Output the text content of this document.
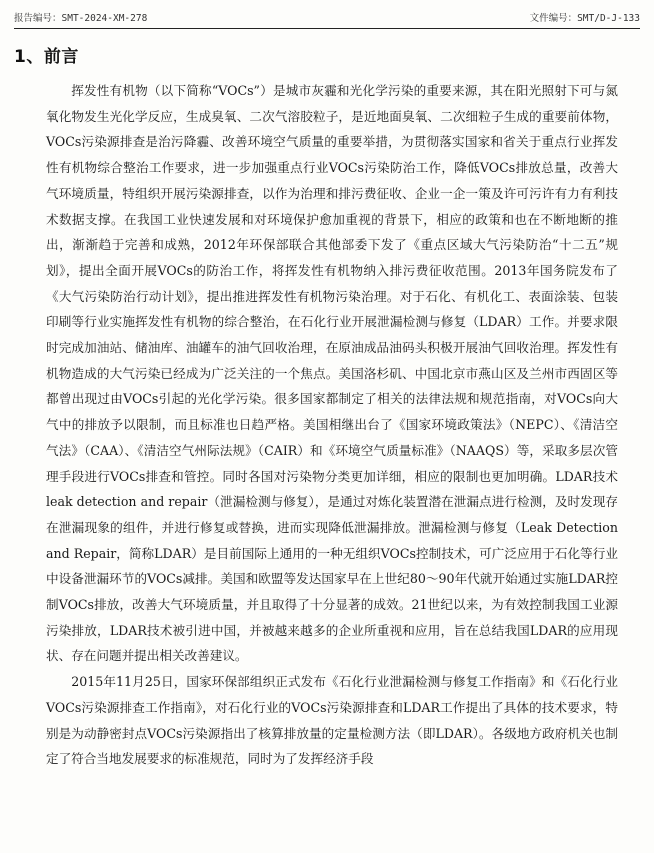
报告编号：SMT-2024-XM-278	文件编号：SMT/D-J-133
1、前言

挥发性有机物（以下简称“VOCs”）是城市灰霾和光化学污染的重要来源，其在阳光照射下可与氮氧化物发生光化学反应，生成臭氧、二次气溶胶粒子，是近地面臭氧、二次细粒子生成的重要前体物，VOCs污染源排查是治污降霾、改善环境空气质量的重要举措，为贯彻落实国家和省关于重点行业挥发性有机物综合整治工作要求，进一步加强重点行业VOCs污染防治工作，降低VOCs排放总量，改善大气环境质量，特组织开展污染源排查，以作为治理和排污费征收、企业一企一策及许可污许有力有利技术数据支撑。在我国工业快速发展和对环境保护愈加重视的背景下，相应的政策和也在不断地断的推出，渐渐趋于完善和成熟，2012年环保部联合其他部委下发了《重点区域大气污染防治“十二五”规划》，提出全面开展VOCs的防治工作，将挥发性有机物纳入排污费征收范围。2013年国务院发布了《大气污染防治行动计划》，提出推进挥发性有机物污染治理。对于石化、有机化工、表面涂装、包装印刷等行业实施挥发性有机物的综合整治，在石化行业开展泄漏检测与修复（LDAR）工作。并要求限时完成加油站、储油库、油罐车的油气回收治理，在原油成品油码头积极开展油气回收治理。挥发性有机物造成的大气污染已经成为广泛关注的一个焦点。美国洛杉矶、中国北京市燕山区及兰州市西固区等都曾出现过由VOCs引起的光化学污染。很多国家都制定了相关的法律法规和规范指南，对VOCs向大气中的排放予以限制，而且标准也日趋严格。美国相继出台了《国家环境政策法》（NEPC）、《清洁空气法》（CAA）、《清洁空气州际法规》（CAIR）和《环境空气质量标准》（NAAQS）等，采取多层次管理手段进行VOCs排查和管控。同时各国对污染物分类更加详细，相应的限制也更加明确。LDAR技术leak detection and repair（泄漏检测与修复），是通过对炼化装置潜在泄漏点进行检测，及时发现存在泄漏现象的组件，并进行修复或替换，进而实现降低泄漏排放。泄漏检测与修复（Leak Detection and Repair，简称LDAR）是目前国际上通用的一种无组织VOCs控制技术，可广泛应用于石化等行业中设备泄漏环节的VOCs减排。美国和欧盟等发达国家早在上世纪80～90年代就开始通过实施LDAR控制VOCs排放，改善大气环境质量，并且取得了十分显著的成效。21世纪以来，为有效控制我国工业源污染排放，LDAR技术被引进中国，并被越来越多的企业所重视和应用，旨在总结我国LDAR的应用现状、存在问题并提出相关改善建议。

2015年11月25日，国家环保部组织正式发布《石化行业泄漏检测与修复工作指南》和《石化行业VOCs污染源排查工作指南》，对石化行业的VOCs污染源排查和LDAR工作提出了具体的技术要求，特别是为动静密封点VOCs污染源指出了核算排放量的定量检测方法（即LDAR）。各级地方政府机关也制定了符合当地发展要求的标准规范，同时为了发挥经济手段
